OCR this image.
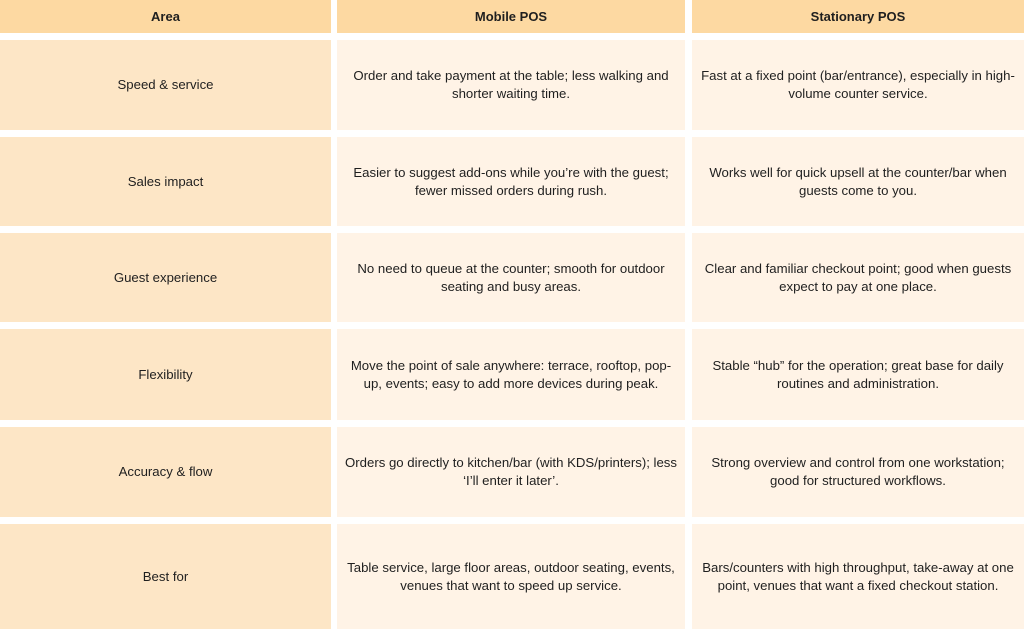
Area	Mobile POS	Stationary POS
Speed & service
Order and take payment at the table; less walking and shorter waiting time.
Fast at a fixed point (bar/entrance), especially in high-volume counter service.
Sales impact
Easier to suggest add-ons while you’re with the guest; fewer missed orders during rush.
Works well for quick upsell at the counter/bar when guests come to you.
Guest experience
No need to queue at the counter; smooth for outdoor seating and busy areas.
Clear and familiar checkout point; good when guests expect to pay at one place.
Flexibility
Move the point of sale anywhere: terrace, rooftop, pop-up, events; easy to add more devices during peak.
Stable “hub” for the operation; great base for daily routines and administration.
Accuracy & flow
Orders go directly to kitchen/bar (with KDS/printers); less ‘I’ll enter it later’.
Strong overview and control from one workstation; good for structured workflows.
Best for
Table service, large floor areas, outdoor seating, events, venues that want to speed up service.
Bars/counters with high throughput, take-away at one point, venues that want a fixed checkout station.
